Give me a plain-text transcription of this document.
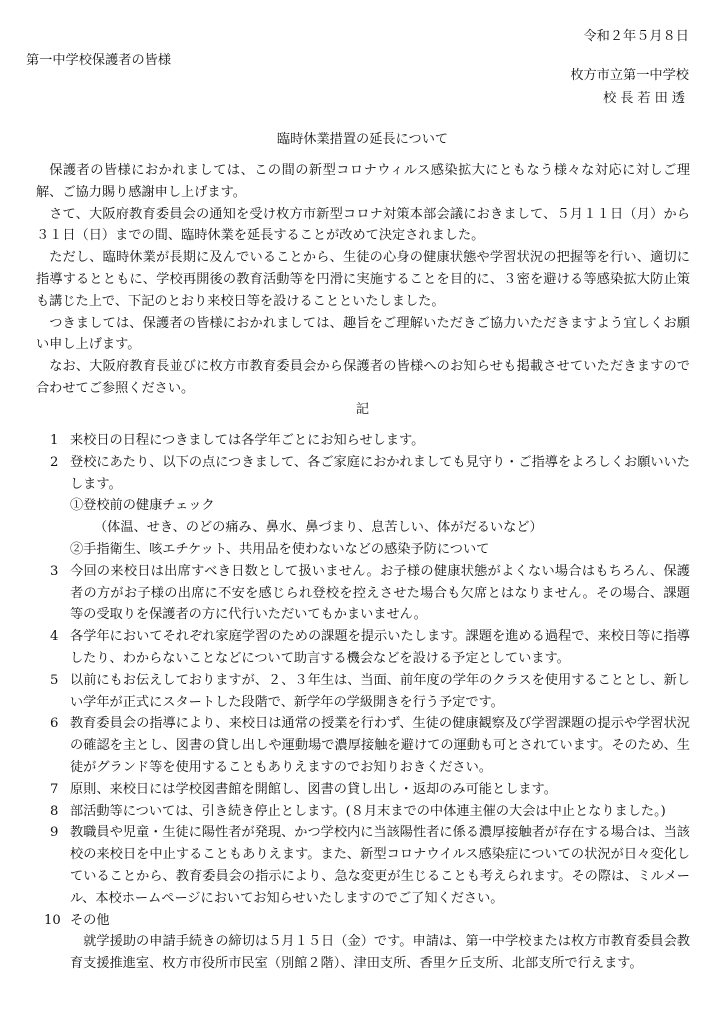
令和２年５月８日
第一中学校保護者の皆様
枚方市立第一中学校
校長若田透
臨時休業措置の延長について

保護者の皆様におかれましては、この間の新型コロナウィルス感染拡大にともなう様々な対応に対しご理解、ご協力賜り感謝申し上げます。

さて、大阪府教育委員会の通知を受け枚方市新型コロナ対策本部会議におきまして、５月１１日（月）から３１日（日）までの間、臨時休業を延長することが改めて決定されました。

ただし、臨時休業が長期に及んでいることから、生徒の心身の健康状態や学習状況の把握等を行い、適切に指導するとともに、学校再開後の教育活動等を円滑に実施することを目的に、３密を避ける等感染拡大防止策も講じた上で、下記のとおり来校日等を設けることといたしました。

つきましては、保護者の皆様におかれましては、趣旨をご理解いただきご協力いただきますよう宜しくお願い申し上げます。

なお、大阪府教育長並びに枚方市教育委員会から保護者の皆様へのお知らせも掲載させていただきますので合わせてご参照ください。

記
1 来校日の日程につきましては各学年ごとにお知らせします。
2 登校にあたり、以下の点につきまして、各ご家庭におかれましても見守り・ご指導をよろしくお願いいたします。
①登校前の健康チェック
（体温、せき、のどの痛み、鼻水、鼻づまり、息苦しい、体がだるいなど）
②手指衛生、咳エチケット、共用品を使わないなどの感染予防について
3 今回の来校日は出席すべき日数として扱いません。お子様の健康状態がよくない場合はもちろん、保護者の方がお子様の出席に不安を感じられ登校を控えさせた場合も欠席とはなりません。その場合、課題等の受取りを保護者の方に代行いただいてもかまいません。
4 各学年においてそれぞれ家庭学習のための課題を提示いたします。課題を進める過程で、来校日等に指導したり、わからないことなどについて助言する機会などを設ける予定としています。
5 以前にもお伝えしておりますが、２、３年生は、当面、前年度の学年のクラスを使用することとし、新しい学年が正式にスタートした段階で、新学年の学級開きを行う予定です。
6 教育委員会の指導により、来校日は通常の授業を行わず、生徒の健康観察及び学習課題の提示や学習状況の確認を主とし、図書の貸し出しや運動場で濃厚接触を避けての運動も可とされています。そのため、生徒がグランド等を使用することもありえますのでお知りおきください。
7 原則、来校日には学校図書館を開館し、図書の貸し出し・返却のみ可能とします。
8 部活動等については、引き続き停止とします。(８月末までの中体連主催の大会は中止となりました。)
9 教職員や児童・生徒に陽性者が発現、かつ学校内に当該陽性者に係る濃厚接触者が存在する場合は、当該校の来校日を中止することもありえます。また、新型コロナウイルス感染症についての状況が日々変化していることから、教育委員会の指示により、急な変更が生じることも考えられます。その際は、ミルメール、本校ホームページにおいてお知らせいたしますのでご了知ください。
10 その他
就学援助の申請手続きの締切は５月１５日（金）です。申請は、第一中学校または枚方市教育委員会教育支援推進室、枚方市役所市民室（別館２階）、津田支所、香里ケ丘支所、北部支所で行えます。
